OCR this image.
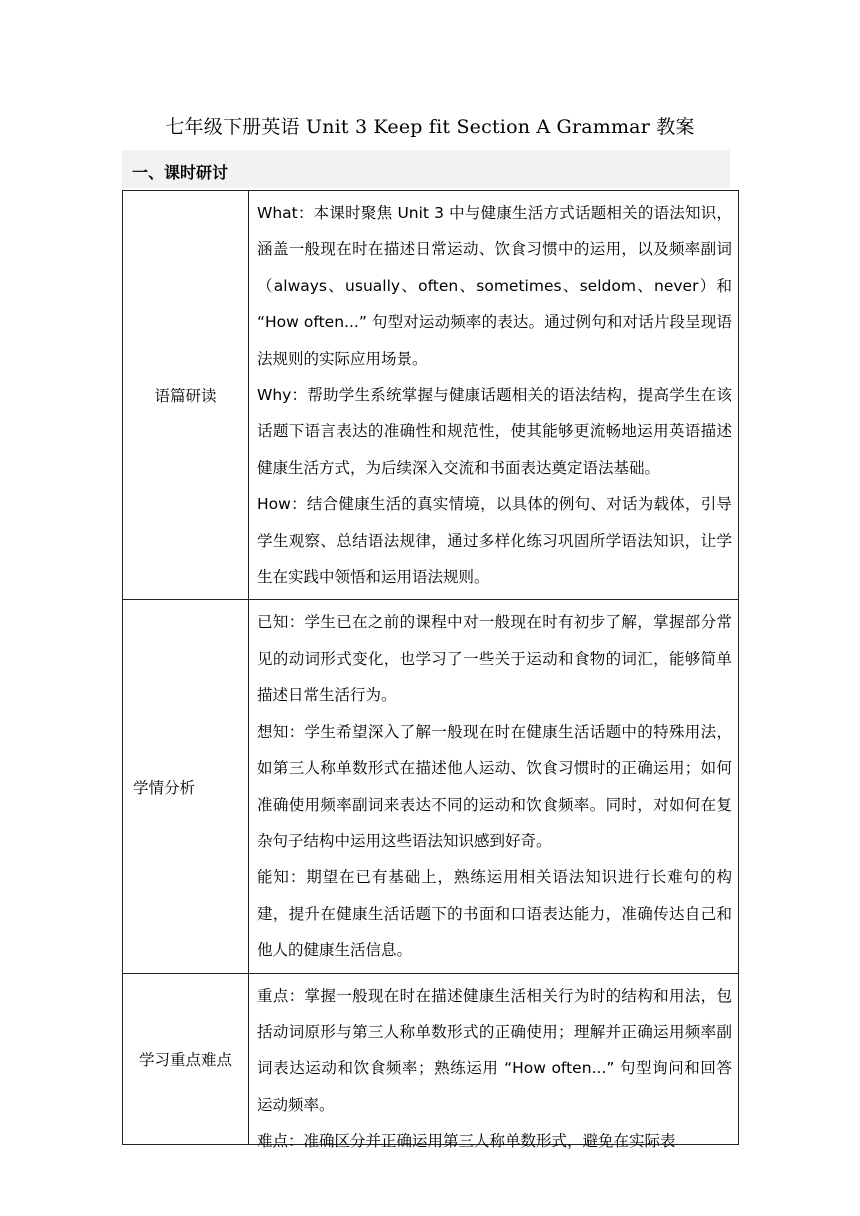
七年级下册英语 Unit 3 Keep fit Section A Grammar 教案
一、课时研讨
语篇研读	What：本课时聚焦 Unit 3 中与健康生活方式话题相关的语法知识，涵盖一般现在时在描述日常运动、饮食习惯中的运用，以及频率副词（always、usually、often、sometimes、seldom、never）和 “How often...” 句型对运动频率的表达。通过例句和对话片段呈现语法规则的实际应用场景。

Why：帮助学生系统掌握与健康话题相关的语法结构，提高学生在该话题下语言表达的准确性和规范性，使其能够更流畅地运用英语描述健康生活方式，为后续深入交流和书面表达奠定语法基础。

How：结合健康生活的真实情境，以具体的例句、对话为载体，引导学生观察、总结语法规律，通过多样化练习巩固所学语法知识，让学生在实践中领悟和运用语法规则。

学情分析	已知：学生已在之前的课程中对一般现在时有初步了解，掌握部分常见的动词形式变化，也学习了一些关于运动和食物的词汇，能够简单描述日常生活行为。

想知：学生希望深入了解一般现在时在健康生活话题中的特殊用法，如第三人称单数形式在描述他人运动、饮食习惯时的正确运用；如何准确使用频率副词来表达不同的运动和饮食频率。同时，对如何在复杂句子结构中运用这些语法知识感到好奇。

能知：期望在已有基础上，熟练运用相关语法知识进行长难句的构建，提升在健康生活话题下的书面和口语表达能力，准确传达自己和他人的健康生活信息。

学习重点难点	重点：掌握一般现在时在描述健康生活相关行为时的结构和用法，包括动词原形与第三人称单数形式的正确使用；理解并正确运用频率副词表达运动和饮食频率；熟练运用 “How often...” 句型询问和回答运动频率。

难点：准确区分并正确运用第三人称单数形式，避免在实际表
